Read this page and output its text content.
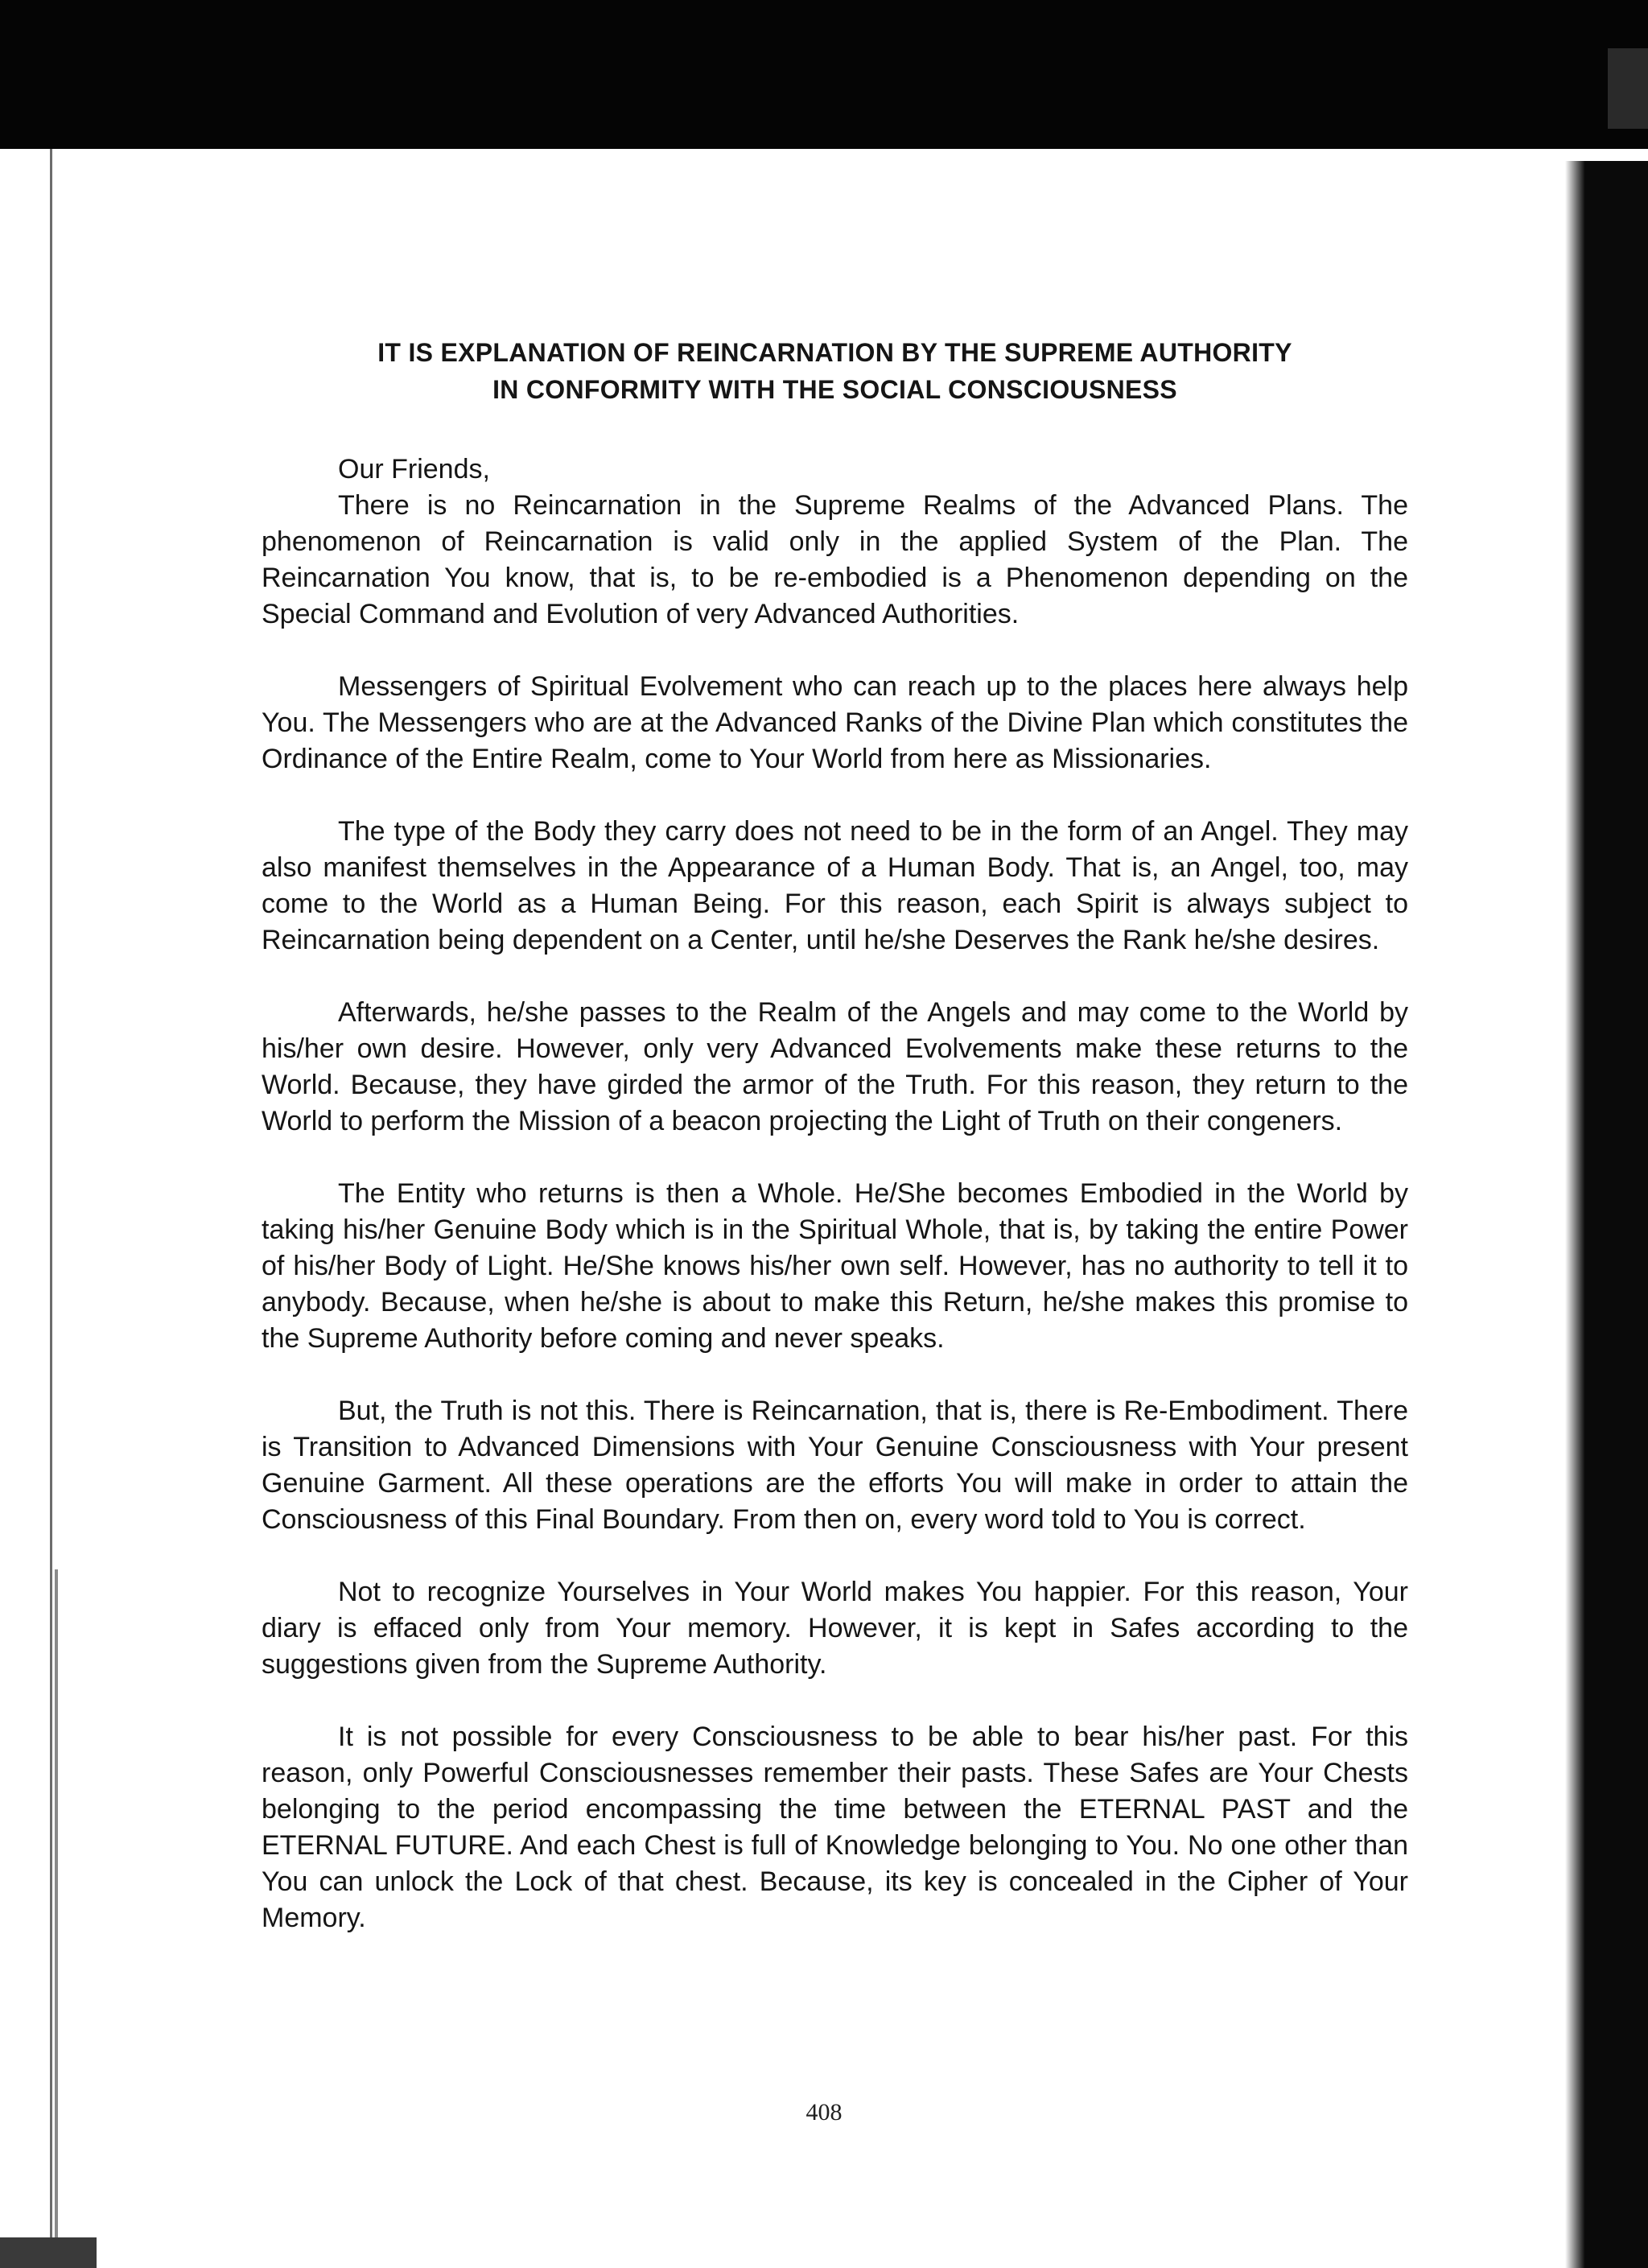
IT IS EXPLANATION OF REINCARNATION BY THE SUPREME AUTHORITY
IN CONFORMITY WITH THE SOCIAL CONSCIOUSNESS

Our Friends,

There is no Reincarnation in the Supreme Realms of the Advanced Plans. The phenomenon of Reincarnation is valid only in the applied System of the Plan. The Reincarnation You know, that is, to be re-embodied is a Phenomenon depending on the Special Command and Evolution of very Advanced Authorities.

Messengers of Spiritual Evolvement who can reach up to the places here always help You. The Messengers who are at the Advanced Ranks of the Divine Plan which constitutes the Ordinance of the Entire Realm, come to Your World from here as Missionaries.

The type of the Body they carry does not need to be in the form of an Angel. They may also manifest themselves in the Appearance of a Human Body. That is, an Angel, too, may come to the World as a Human Being. For this reason, each Spirit is always subject to Reincarnation being dependent on a Center, until he/she Deserves the Rank he/she desires.

Afterwards, he/she passes to the Realm of the Angels and may come to the World by his/her own desire. However, only very Advanced Evolvements make these returns to the World. Because, they have girded the armor of the Truth. For this reason, they return to the World to perform the Mission of a beacon projecting the Light of Truth on their congeners.

The Entity who returns is then a Whole. He/She becomes Embodied in the World by taking his/her Genuine Body which is in the Spiritual Whole, that is, by taking the entire Power of his/her Body of Light. He/She knows his/her own self. However, has no authority to tell it to anybody. Because, when he/she is about to make this Return, he/she makes this promise to the Supreme Authority before coming and never speaks.

But, the Truth is not this. There is Reincarnation, that is, there is Re-Embodiment. There is Transition to Advanced Dimensions with Your Genuine Consciousness with Your present Genuine Garment. All these operations are the efforts You will make in order to attain the Consciousness of this Final Boundary. From then on, every word told to You is correct.

Not to recognize Yourselves in Your World makes You happier. For this reason, Your diary is effaced only from Your memory. However, it is kept in Safes according to the suggestions given from the Supreme Authority.

It is not possible for every Consciousness to be able to bear his/her past. For this reason, only Powerful Consciousnesses remember their pasts. These Safes are Your Chests belonging to the period encompassing the time between the ETERNAL PAST and the ETERNAL FUTURE. And each Chest is full of Knowledge belonging to You. No one other than You can unlock the Lock of that chest. Because, its key is concealed in the Cipher of Your Memory.

408
